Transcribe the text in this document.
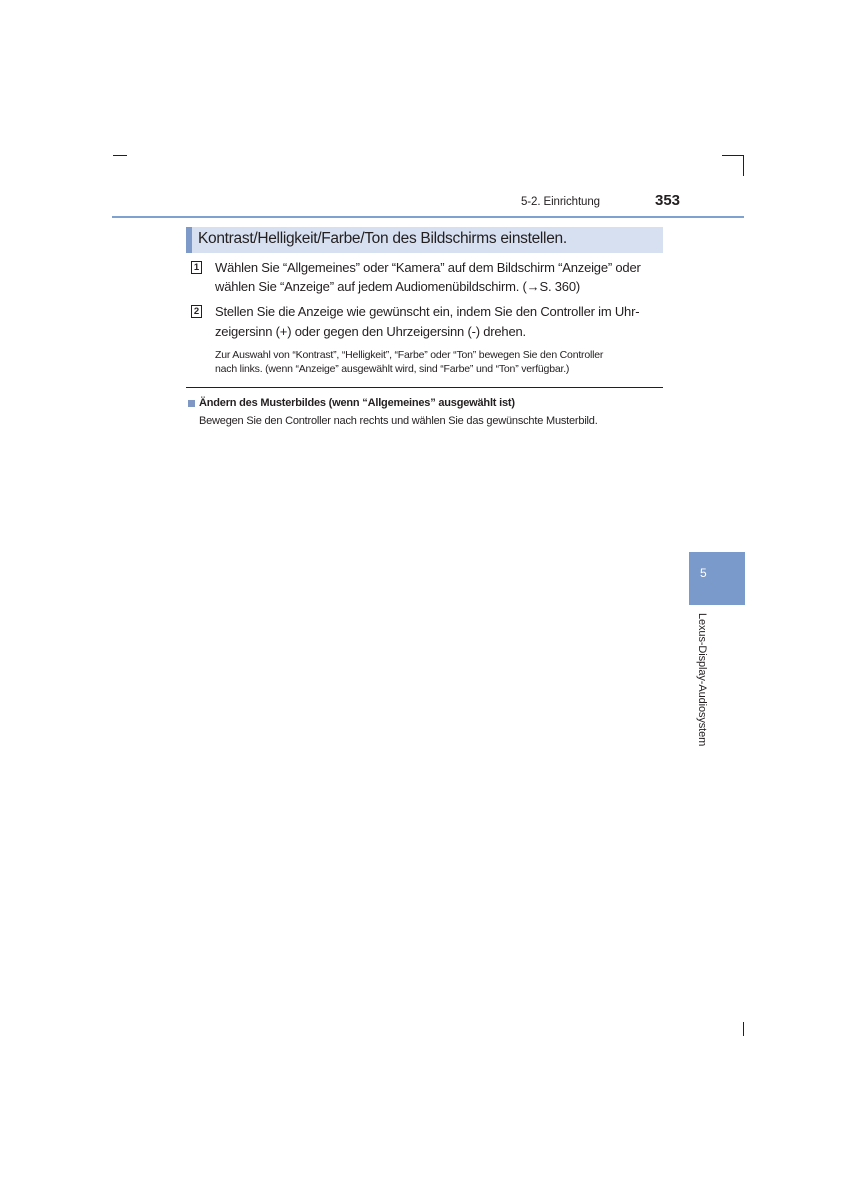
5-2. Einrichtung	353
Kontrast/Helligkeit/Farbe/Ton des Bildschirms einstellen.
1 Wählen Sie “Allgemeines” oder “Kamera” auf dem Bildschirm “Anzeige” oder
wählen Sie “Anzeige” auf jedem Audiomenübildschirm. (→S. 360)
2 Stellen Sie die Anzeige wie gewünscht ein, indem Sie den Controller im Uhr-
zeigersinn (+) oder gegen den Uhrzeigersinn (-) drehen.
Zur Auswahl von “Kontrast”, “Helligkeit”, “Farbe” oder “Ton” bewegen Sie den Controller
nach links. (wenn “Anzeige” ausgewählt wird, sind “Farbe” und “Ton” verfügbar.)
Ändern des Musterbildes (wenn “Allgemeines” ausgewählt ist)
Bewegen Sie den Controller nach rechts und wählen Sie das gewünschte Musterbild.
5
Lexus-Display-Audiosystem
